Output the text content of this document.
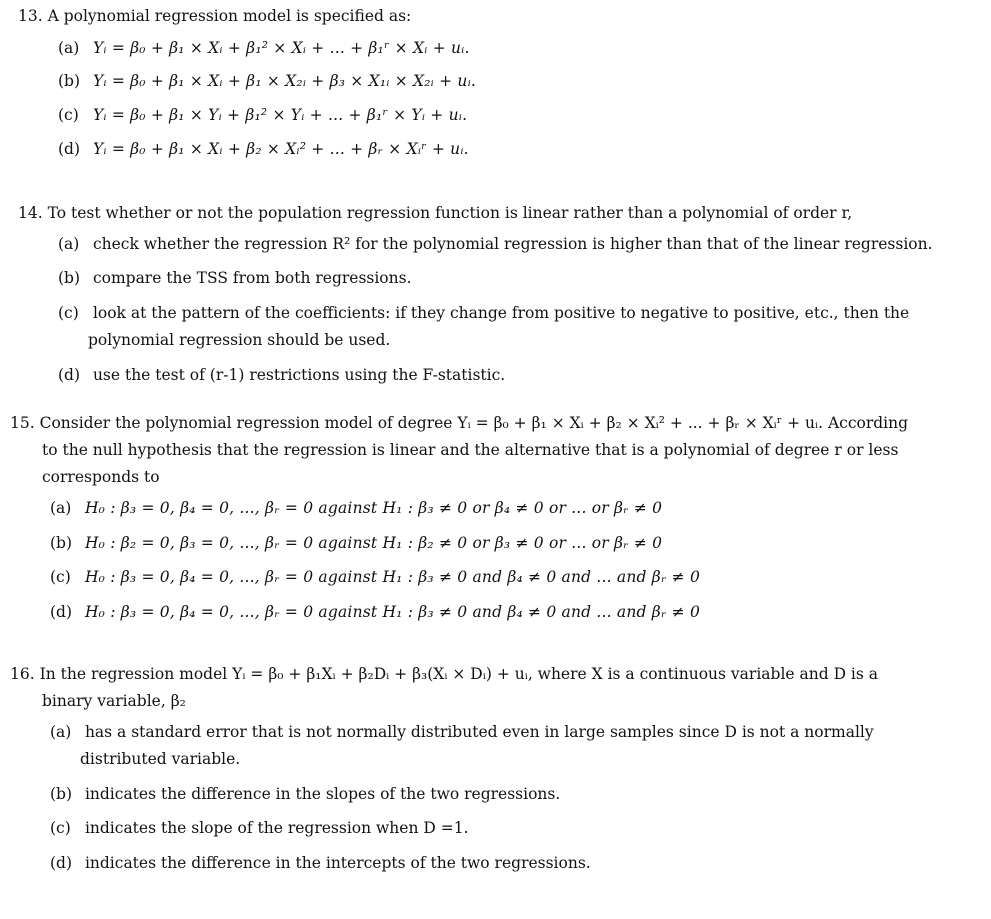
13. A polynomial regression model is specified as:
(a) Yᵢ = β₀ + β₁ × Xᵢ + β₁² × Xᵢ + ... + β₁ʳ × Xᵢ + uᵢ.
(b) Yᵢ = β₀ + β₁ × Xᵢ + β₁ × X₂ᵢ + β₃ × X₁ᵢ × X₂ᵢ + uᵢ.
(c) Yᵢ = β₀ + β₁ × Yᵢ + β₁² × Yᵢ + ... + β₁ʳ × Yᵢ + uᵢ.
(d) Yᵢ = β₀ + β₁ × Xᵢ + β₂ × Xᵢ² + ... + βᵣ × Xᵢʳ + uᵢ.
14. To test whether or not the population regression function is linear rather than a polynomial of order r,
(a) check whether the regression R² for the polynomial regression is higher than that of the linear regression.
(b) compare the TSS from both regressions.
(c) look at the pattern of the coefficients: if they change from positive to negative to positive, etc., then the
polynomial regression should be used.
(d) use the test of (r-1) restrictions using the F-statistic.
15. Consider the polynomial regression model of degree Yᵢ = β₀ + β₁ × Xᵢ + β₂ × Xᵢ² + ... + βᵣ × Xᵢʳ + uᵢ. According
to the null hypothesis that the regression is linear and the alternative that is a polynomial of degree r or less
corresponds to
(a) H₀ : β₃ = 0, β₄ = 0, ..., βᵣ = 0 against H₁ : β₃ ≠ 0 or β₄ ≠ 0 or ... or βᵣ ≠ 0
(b) H₀ : β₂ = 0, β₃ = 0, ..., βᵣ = 0 against H₁ : β₂ ≠ 0 or β₃ ≠ 0 or ... or βᵣ ≠ 0
(c) H₀ : β₃ = 0, β₄ = 0, ..., βᵣ = 0 against H₁ : β₃ ≠ 0 and β₄ ≠ 0 and ... and βᵣ ≠ 0
(d) H₀ : β₃ = 0, β₄ = 0, ..., βᵣ = 0 against H₁ : β₃ ≠ 0 and β₄ ≠ 0 and ... and βᵣ ≠ 0
16. In the regression model Yᵢ = β₀ + β₁Xᵢ + β₂Dᵢ + β₃(Xᵢ × Dᵢ) + uᵢ, where X is a continuous variable and D is a
binary variable, β₂
(a) has a standard error that is not normally distributed even in large samples since D is not a normally
distributed variable.
(b) indicates the difference in the slopes of the two regressions.
(c) indicates the slope of the regression when D =1.
(d) indicates the difference in the intercepts of the two regressions.
